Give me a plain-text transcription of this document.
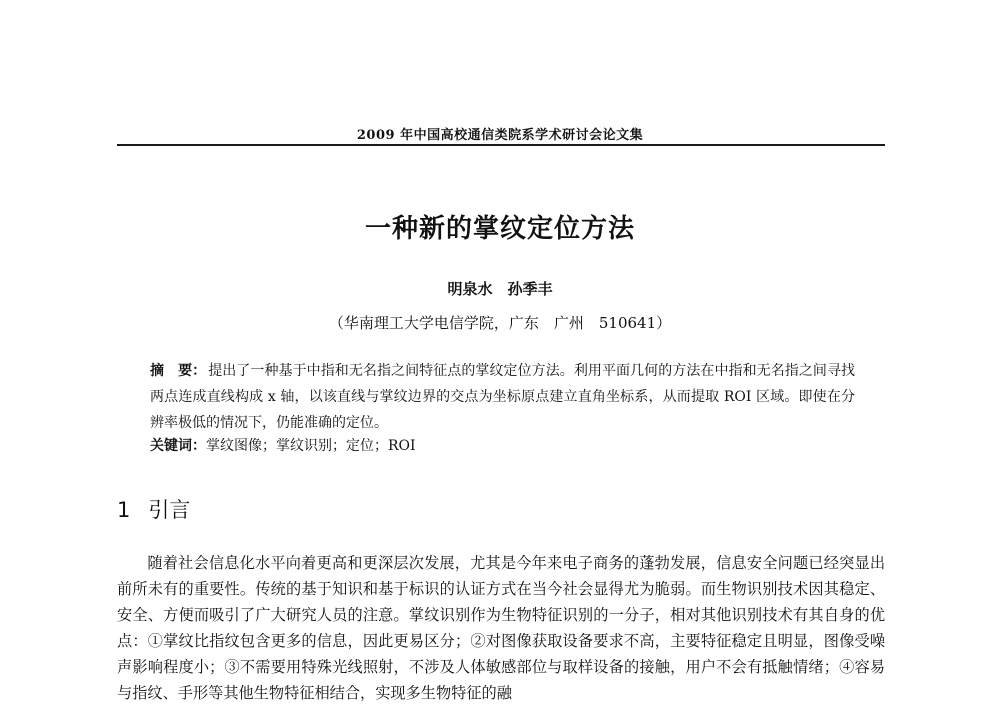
2009 年中国高校通信类院系学术研讨会论文集
一种新的掌纹定位方法
明泉水　孙季丰
（华南理工大学电信学院，广东　广州　510641）
摘　要： 提出了一种基于中指和无名指之间特征点的掌纹定位方法。利用平面几何的方法在中指和无名指之间寻找两点连成直线构成 x 轴，以该直线与掌纹边界的交点为坐标原点建立直角坐标系，从而提取 ROI 区域。即使在分辨率极低的情况下，仍能准确的定位。
关键词：掌纹图像；掌纹识别；定位；ROI
1 引言
随着社会信息化水平向着更高和更深层次发展，尤其是今年来电子商务的蓬勃发展，信息安全问题已经突显出前所未有的重要性。传统的基于知识和基于标识的认证方式在当今社会显得尤为脆弱。而生物识别技术因其稳定、安全、方便而吸引了广大研究人员的注意。掌纹识别作为生物特征识别的一分子，相对其他识别技术有其自身的优点：①掌纹比指纹包含更多的信息，因此更易区分；②对图像获取设备要求不高，主要特征稳定且明显，图像受噪声影响程度小；③不需要用特殊光线照射，不涉及人体敏感部位与取样设备的接触，用户不会有抵触情绪；④容易与指纹、手形等其他生物特征相结合，实现多生物特征的融
